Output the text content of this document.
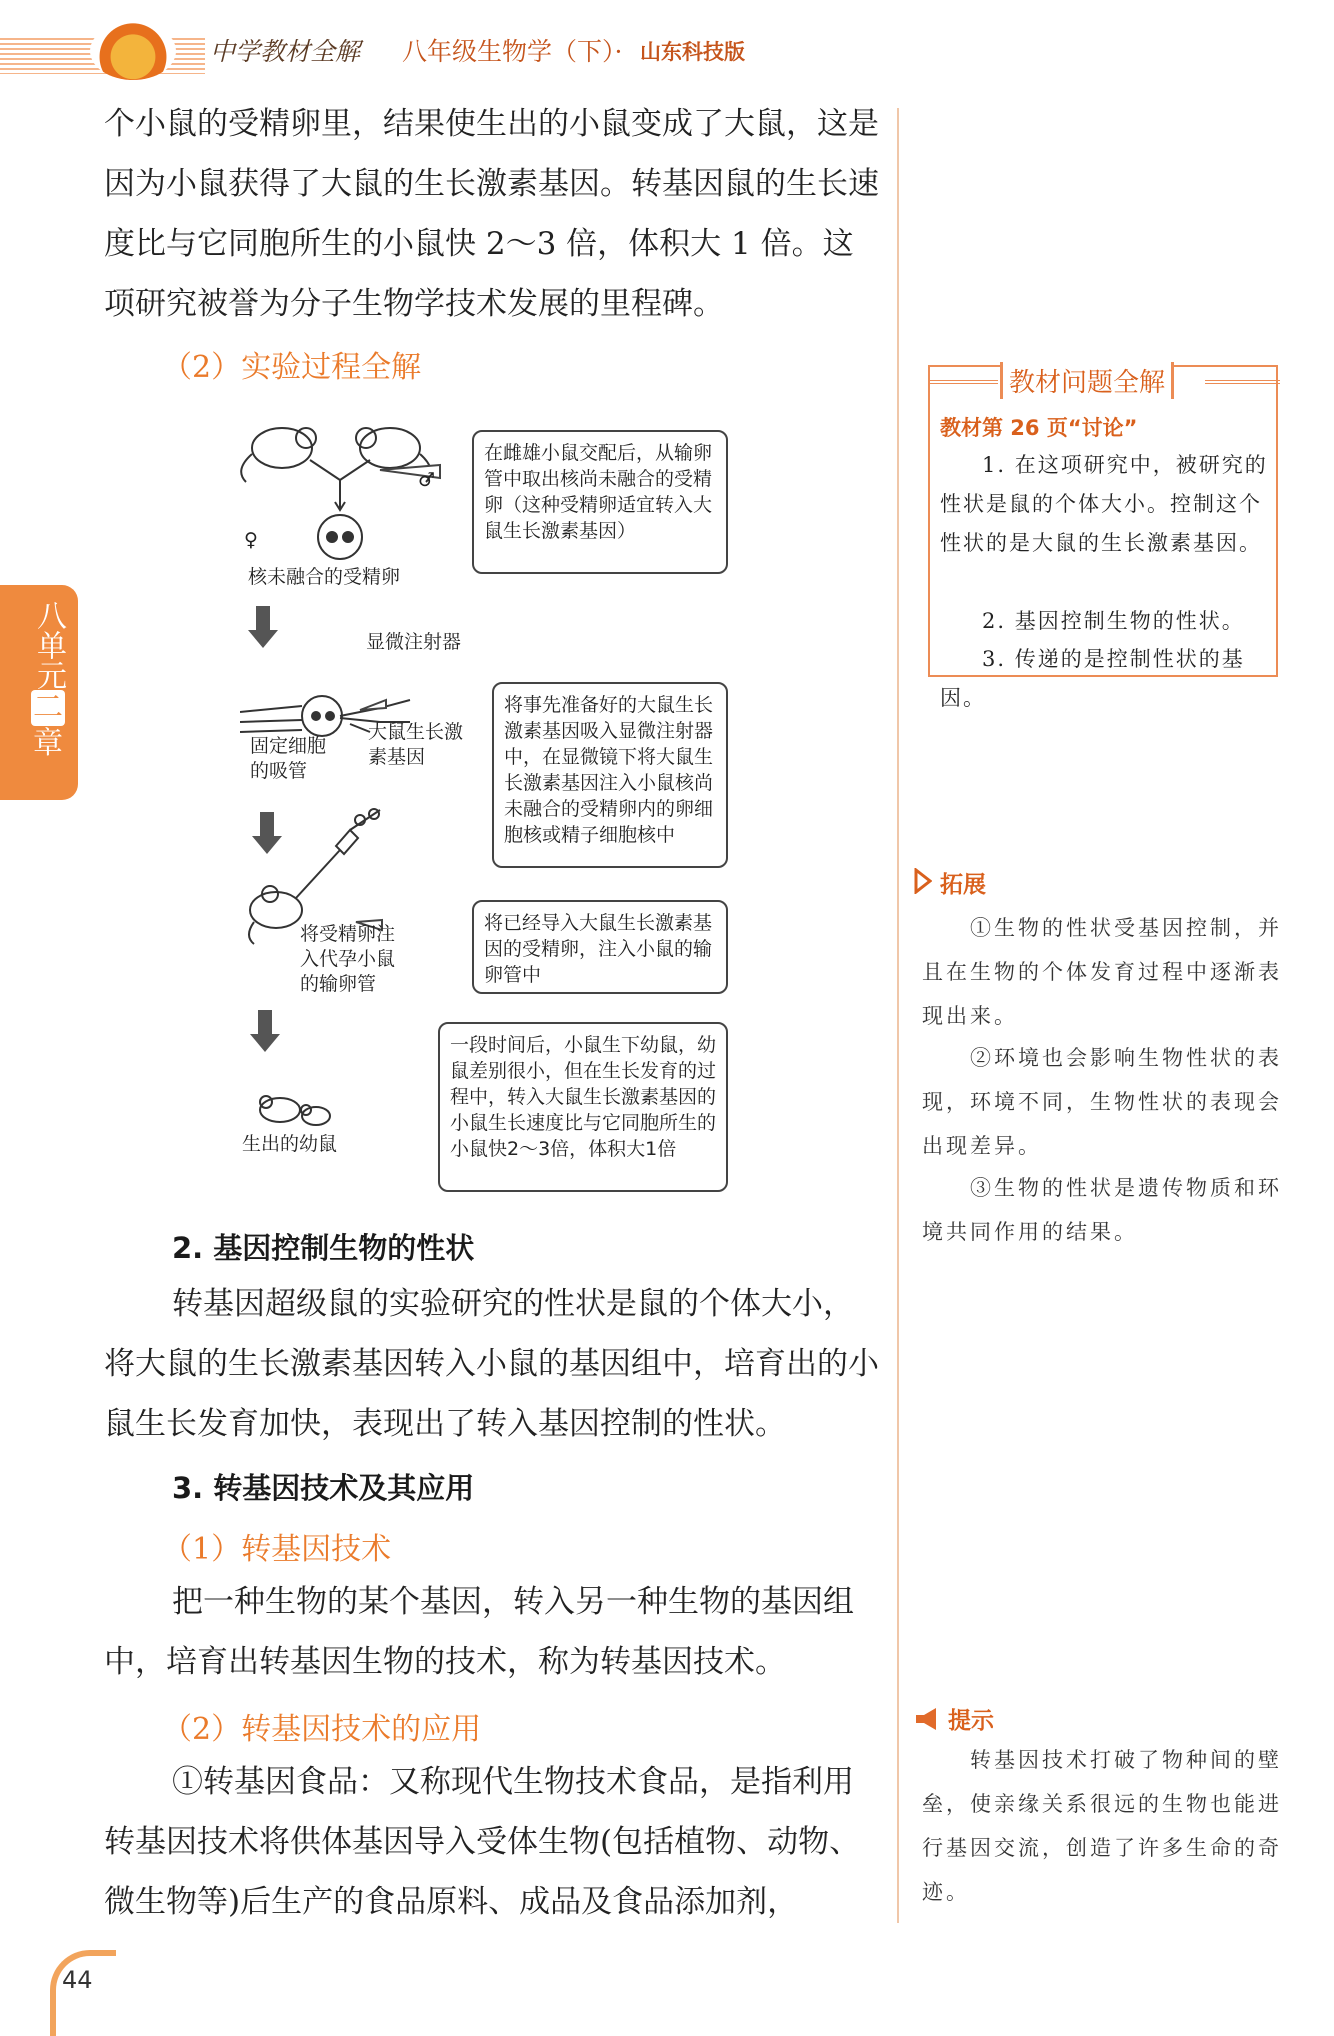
中学教材全解 八年级生物学（下）· 山东科技版
八单元
二
章
个小鼠的受精卵里，结果使生出的小鼠变成了大鼠，这是因为小鼠获得了大鼠的生长激素基因。转基因鼠的生长速度比与它同胞所生的小鼠快 2～3 倍，体积大 1 倍。这项研究被誉为分子生物学技术发展的里程碑。
（2）实验过程全解
♀
♂
核未融合的受精卵
在雌雄小鼠交配后，从输卵管中取出核尚未融合的受精卵（这种受精卵适宜转入大鼠生长激素基因）
显微注射器
固定细胞的吸管
大鼠生长激素基因
将事先准备好的大鼠生长激素基因吸入显微注射器中，在显微镜下将大鼠生长激素基因注入小鼠核尚未融合的受精卵内的卵细胞核或精子细胞核中
将受精卵注入代孕小鼠的输卵管
将已经导入大鼠生长激素基因的受精卵，注入小鼠的输卵管中
生出的幼鼠
一段时间后，小鼠生下幼鼠，幼鼠差别很小，但在生长发育的过程中，转入大鼠生长激素基因的小鼠生长速度比与它同胞所生的小鼠快2～3倍，体积大1倍
2. 基因控制生物的性状
转基因超级鼠的实验研究的性状是鼠的个体大小，将大鼠的生长激素基因转入小鼠的基因组中，培育出的小鼠生长发育加快，表现出了转入基因控制的性状。
3. 转基因技术及其应用
（1）转基因技术
把一种生物的某个基因，转入另一种生物的基因组中，培育出转基因生物的技术，称为转基因技术。
（2）转基因技术的应用
①转基因食品：又称现代生物技术食品，是指利用转基因技术将供体基因导入受体生物(包括植物、动物、微生物等)后生产的食品原料、成品及食品添加剂，
教材问题全解
教材第 26 页“讨论”
1. 在这项研究中，被研究的性状是鼠的个体大小。控制这个性状的是大鼠的生长激素基因。
2. 基因控制生物的性状。
3. 传递的是控制性状的基因。
拓展
①生物的性状受基因控制，并且在生物的个体发育过程中逐渐表现出来。
②环境也会影响生物性状的表现，环境不同，生物性状的表现会出现差异。
③生物的性状是遗传物质和环境共同作用的结果。
提示
转基因技术打破了物种间的壁垒，使亲缘关系很远的生物也能进行基因交流，创造了许多生命的奇迹。
44
